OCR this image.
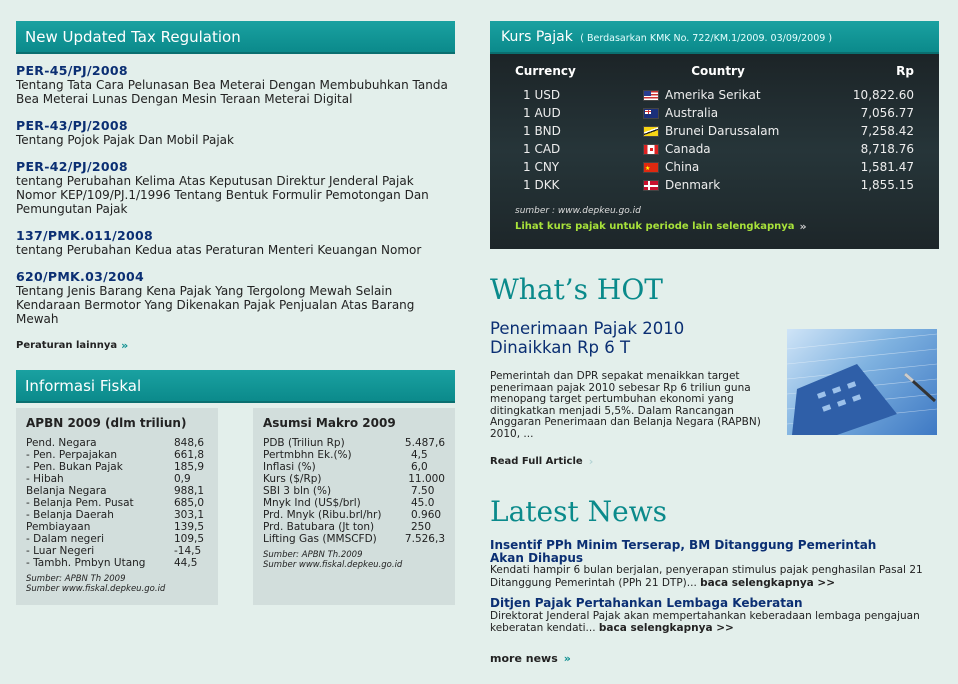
New Updated Tax Regulation
PER-45/PJ/2008
Tentang Tata Cara Pelunasan Bea Meterai Dengan Membubuhkan Tanda Bea Meterai Lunas Dengan Mesin Teraan Meterai Digital
PER-43/PJ/2008
Tentang Pojok Pajak Dan Mobil Pajak
PER-42/PJ/2008
tentang Perubahan Kelima Atas Keputusan Direktur Jenderal Pajak Nomor KEP/109/PJ.1/1996 Tentang Bentuk Formulir Pemotongan Dan Pemungutan Pajak
137/PMK.011/2008
tentang Perubahan Kedua atas Peraturan Menteri Keuangan Nomor
620/PMK.03/2004
Tentang Jenis Barang Kena Pajak Yang Tergolong Mewah Selain Kendaraan Bermotor Yang Dikenakan Pajak Penjualan Atas Barang Mewah
Peraturan lainnya »
Informasi Fiskal
APBN 2009 (dlm triliun)
Pend. Negara	848,6
- Pen. Perpajakan	661,8
- Pen. Bukan Pajak	185,9
- Hibah	0,9
Belanja Negara	988,1
- Belanja Pem. Pusat	685,0
- Belanja Daerah	303,1
Pembiayaan	139,5
- Dalam negeri	109,5
- Luar Negeri	-14,5
- Tambh. Pmbyn Utang	44,5
Sumber: APBN Th 2009
Sumber www.fiskal.depkeu.go.id
Asumsi Makro 2009
PDB (Triliun Rp)	5.487,6
Pertmbhn Ek.(%)	4,5
Inflasi (%)	6,0
Kurs ($/Rp)	11.000
SBI 3 bln (%)	7.50
Mnyk Ind (US$/brl)	45.0
Prd. Mnyk (Ribu.brl/hr)	0.960
Prd. Batubara (Jt ton)	250
Lifting Gas (MMSCFD)	7.526,3
Sumber: APBN Th.2009
Sumber www.fiskal.depkeu.go.id
Kurs Pajak ( Berdasarkan KMK No. 722/KM.1/2009. 03/09/2009 )
Currency	Country	Rp
1 USD	Amerika Serikat	10,822.60
1 AUD	Australia	7,056.77
1 BND	Brunei Darussalam	7,258.42
1 CAD	Canada	8,718.76
1 CNY
★	China	1,581.47
1 DKK	Denmark	1,855.15
sumber : www.depkeu.go.id
Lihat kurs pajak untuk periode lain selengkapnya »
What’s HOT
Penerimaan Pajak 2010 Dinaikkan Rp 6 T
Pemerintah dan DPR sepakat menaikkan target penerimaan pajak 2010 sebesar Rp 6 triliun guna menopang target pertumbuhan ekonomi yang ditingkatkan menjadi 5,5%. Dalam Rancangan Anggaran Penerimaan dan Belanja Negara (RAPBN) 2010, ...
Read Full Article ›
Latest News
Insentif PPh Minim Terserap, BM Ditanggung Pemerintah Akan Dihapus
Kendati hampir 6 bulan berjalan, penyerapan stimulus pajak penghasilan Pasal 21 Ditanggung Pemerintah (PPh 21 DTP)... baca selengkapnya >>
Ditjen Pajak Pertahankan Lembaga Keberatan
Direktorat Jenderal Pajak akan mempertahankan keberadaan lembaga pengajuan keberatan kendati... baca selengkapnya >>
more news »
